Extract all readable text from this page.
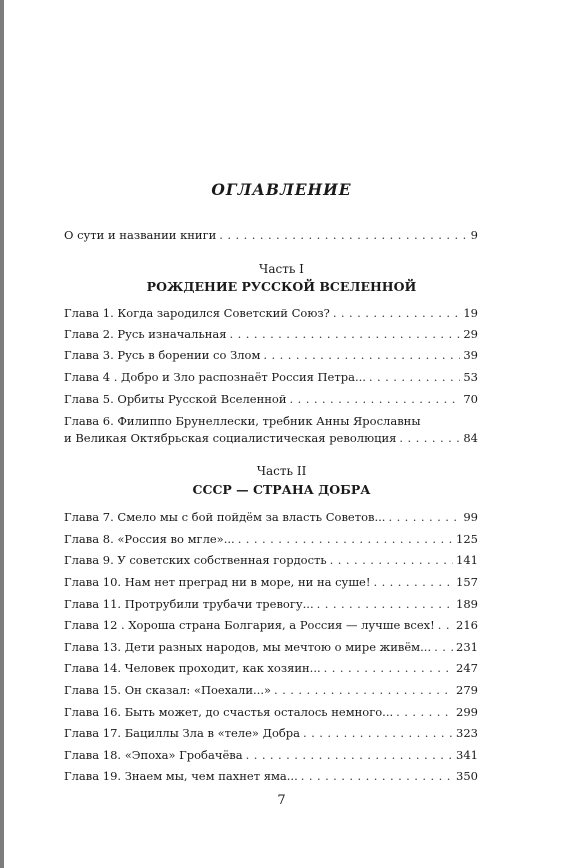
ОГЛАВЛЕНИЕ
О сути и названии книги . . .	9
Часть I
РОЖДЕНИЕ РУССКОЙ ВСЕЛЕННОЙ
Глава 1. Когда зародился Советский Союз? . . .	19
Глава 2. Русь изначальная . . .	29
Глава 3. Русь в борении со Злом . . .	39
Глава 4 . Добро и Зло распознаёт Россия Петра... . . .	53
Глава 5. Орбиты Русской Вселенной . . .	70
Глава 6. Филиппо Брунеллески, требник Анны Ярославны
и Великая Октябрьская социалистическая революция . . .	84
Часть II
СССР — СТРАНА ДОБРА
Глава 7. Смело мы с бой пойдём за власть Советов... . . .	99
Глава 8. «Россия во мгле»... . . .	125
Глава 9. У советских собственная гордость . . .	141
Глава 10. Нам нет преград ни в море, ни на суше! . . .	157
Глава 11. Протрубили трубачи тревогу... . . .	189
Глава 12 . Хороша страна Болгария, а Россия — лучше всех! . . . 216
Глава 13. Дети разных народов, мы мечтою о мире живём... . . . 231
Глава 14. Человек проходит, как хозяин... . . .	247
Глава 15. Он сказал: «Поехали...» . . .	279
Глава 16. Быть может, до счастья осталось немного... . . .	299
Глава 17. Бациллы Зла в «теле» Добра . . .	323
Глава 18. «Эпоха» Гробачёва . . .	341
Глава 19. Знаем мы, чем пахнет яма... . . .	350
7
